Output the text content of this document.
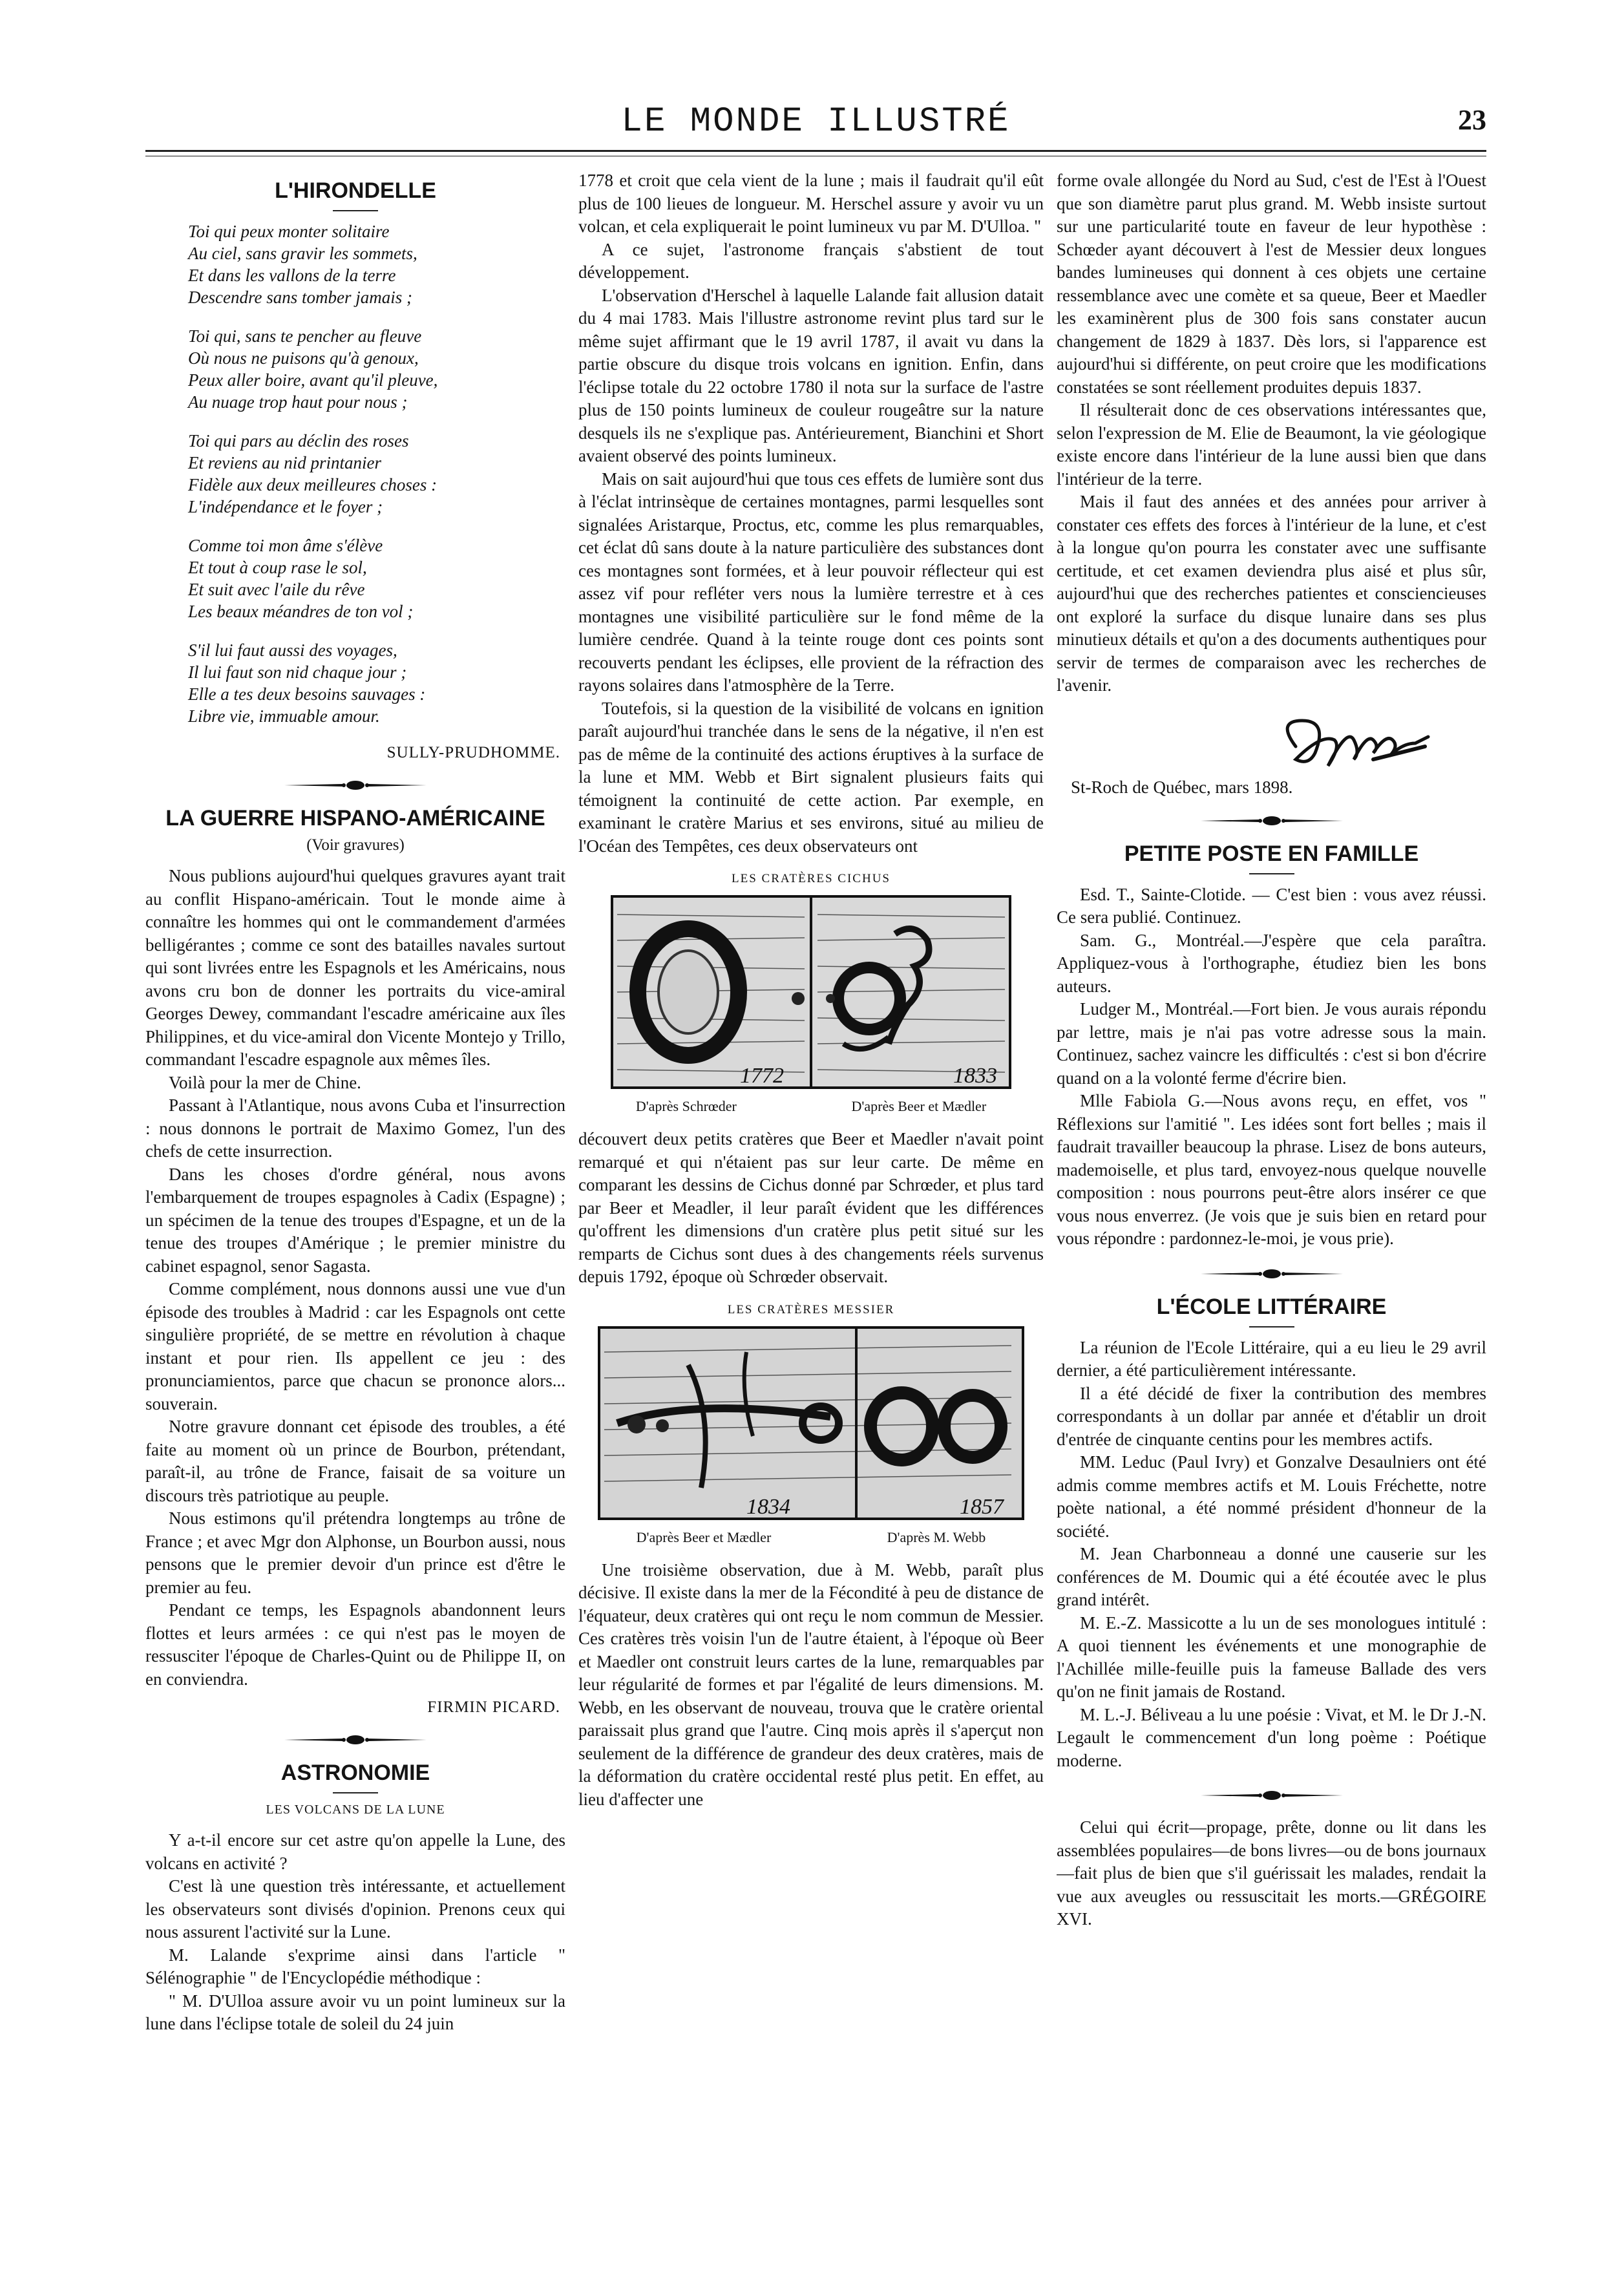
LE MONDE ILLUSTRÉ	23
L'HIRONDELLE
Toi qui peux monter solitaire
Au ciel, sans gravir les sommets,
Et dans les vallons de la terre
Descendre sans tomber jamais ;
Toi qui, sans te pencher au fleuve
Où nous ne puisons qu'à genoux,
Peux aller boire, avant qu'il pleuve,
Au nuage trop haut pour nous ;
Toi qui pars au déclin des roses
Et reviens au nid printanier
Fidèle aux deux meilleures choses :
L'indépendance et le foyer ;
Comme toi mon âme s'élève
Et tout à coup rase le sol,
Et suit avec l'aile du rêve
Les beaux méandres de ton vol ;
S'il lui faut aussi des voyages,
Il lui faut son nid chaque jour ;
Elle a tes deux besoins sauvages :
Libre vie, immuable amour.
SULLY-PRUDHOMME.
LA GUERRE HISPANO-AMÉRICAINE
(Voir gravures)

Nous publions aujourd'hui quelques gravures ayant trait au conflit Hispano-américain. Tout le monde aime à connaître les hommes qui ont le commandement d'armées belligérantes ; comme ce sont des batailles navales surtout qui sont livrées entre les Espagnols et les Américains, nous avons cru bon de donner les portraits du vice-amiral Georges Dewey, commandant l'escadre américaine aux îles Philippines, et du vice-amiral don Vicente Montejo y Trillo, commandant l'escadre espagnole aux mêmes îles.

Voilà pour la mer de Chine.

Passant à l'Atlantique, nous avons Cuba et l'insurrection : nous donnons le portrait de Maximo Gomez, l'un des chefs de cette insurrection.

Dans les choses d'ordre général, nous avons l'embarquement de troupes espagnoles à Cadix (Espagne) ; un spécimen de la tenue des troupes d'Espagne, et un de la tenue des troupes d'Amérique ; le premier ministre du cabinet espagnol, senor Sagasta.

Comme complément, nous donnons aussi une vue d'un épisode des troubles à Madrid : car les Espagnols ont cette singulière propriété, de se mettre en révolution à chaque instant et pour rien. Ils appellent ce jeu : des pronunciamientos, parce que chacun se prononce alors... souverain.

Notre gravure donnant cet épisode des troubles, a été faite au moment où un prince de Bourbon, prétendant, paraît-il, au trône de France, faisait de sa voiture un discours très patriotique au peuple.

Nous estimons qu'il prétendra longtemps au trône de France ; et avec Mgr don Alphonse, un Bourbon aussi, nous pensons que le premier devoir d'un prince est d'être le premier au feu.

Pendant ce temps, les Espagnols abandonnent leurs flottes et leurs armées : ce qui n'est pas le moyen de ressusciter l'époque de Charles-Quint ou de Philippe II, on en conviendra.

FIRMIN PICARD.
ASTRONOMIE
LES VOLCANS DE LA LUNE

Y a-t-il encore sur cet astre qu'on appelle la Lune, des volcans en activité ?

C'est là une question très intéressante, et actuellement les observateurs sont divisés d'opinion. Prenons ceux qui nous assurent l'activité sur la Lune.

M. Lalande s'exprime ainsi dans l'article " Sélénographie " de l'Encyclopédie méthodique :

" M. D'Ulloa assure avoir vu un point lumineux sur la lune dans l'éclipse totale de soleil du 24 juin

1778 et croit que cela vient de la lune ; mais il faudrait qu'il eût plus de 100 lieues de longueur. M. Herschel assure y avoir vu un volcan, et cela expliquerait le point lumineux vu par M. D'Ulloa. "

A ce sujet, l'astronome français s'abstient de tout développement.

L'observation d'Herschel à laquelle Lalande fait allusion datait du 4 mai 1783. Mais l'illustre astronome revint plus tard sur le même sujet affirmant que le 19 avril 1787, il avait vu dans la partie obscure du disque trois volcans en ignition. Enfin, dans l'éclipse totale du 22 octobre 1780 il nota sur la surface de l'astre plus de 150 points lumineux de couleur rougeâtre sur la nature desquels ils ne s'explique pas. Antérieurement, Bianchini et Short avaient observé des points lumineux.

Mais on sait aujourd'hui que tous ces effets de lumière sont dus à l'éclat intrinsèque de certaines montagnes, parmi lesquelles sont signalées Aristarque, Proctus, etc, comme les plus remarquables, cet éclat dû sans doute à la nature particulière des substances dont ces montagnes sont formées, et à leur pouvoir réflecteur qui est assez vif pour refléter vers nous la lumière terrestre et à ces montagnes une visibilité particulière sur le fond même de la lumière cendrée. Quand à la teinte rouge dont ces points sont recouverts pendant les éclipses, elle provient de la réfraction des rayons solaires dans l'atmosphère de la Terre.

Toutefois, si la question de la visibilité de volcans en ignition paraît aujourd'hui tranchée dans le sens de la négative, il n'en est pas de même de la continuité des actions éruptives à la surface de la lune et MM. Webb et Birt signalent plusieurs faits qui témoignent la continuité de cette action. Par exemple, en examinant le cratère Marius et ses environs, situé au milieu de l'Océan des Tempêtes, ces deux observateurs ont

LES CRATÈRES CICHUS
1772	1833
D'après Schrœder	D'après Beer et Mædler

découvert deux petits cratères que Beer et Maedler n'avait point remarqué et qui n'étaient pas sur leur carte. De même en comparant les dessins de Cichus donné par Schrœder, et plus tard par Beer et Meadler, il leur paraît évident que les différences qu'offrent les dimensions d'un cratère plus petit situé sur les remparts de Cichus sont dues à des changements réels survenus depuis 1792, époque où Schrœder observait.

LES CRATÈRES MESSIER
1834	1857
D'après Beer et Mædler	D'après M. Webb

Une troisième observation, due à M. Webb, paraît plus décisive. Il existe dans la mer de la Fécondité à peu de distance de l'équateur, deux cratères qui ont reçu le nom commun de Messier. Ces cratères très voisin l'un de l'autre étaient, à l'époque où Beer et Maedler ont construit leurs cartes de la lune, remarquables par leur régularité de formes et par l'égalité de leurs dimensions. M. Webb, en les observant de nouveau, trouva que le cratère oriental paraissait plus grand que l'autre. Cinq mois après il s'aperçut non seulement de la différence de grandeur des deux cratères, mais de la déformation du cratère occidental resté plus petit. En effet, au lieu d'affecter une

forme ovale allongée du Nord au Sud, c'est de l'Est à l'Ouest que son diamètre parut plus grand. M. Webb insiste surtout sur une particularité toute en faveur de leur hypothèse : Schœder ayant découvert à l'est de Messier deux longues bandes lumineuses qui donnent à ces objets une certaine ressemblance avec une comète et sa queue, Beer et Maedler les examinèrent plus de 300 fois sans constater aucun changement de 1829 à 1837. Dès lors, si l'apparence est aujourd'hui si différente, on peut croire que les modifications constatées se sont réellement produites depuis 1837.

Il résulterait donc de ces observations intéressantes que, selon l'expression de M. Elie de Beaumont, la vie géologique existe encore dans l'intérieur de la lune aussi bien que dans l'intérieur de la terre.

Mais il faut des années et des années pour arriver à constater ces effets des forces à l'intérieur de la lune, et c'est à la longue qu'on pourra les constater avec une suffisante certitude, et cet examen deviendra plus aisé et plus sûr, aujourd'hui que des recherches patientes et consciencieuses ont exploré la surface du disque lunaire dans ses plus minutieux détails et qu'on a des documents authentiques pour servir de termes de comparaison avec les recherches de l'avenir.

St-Roch de Québec, mars 1898.
PETITE POSTE EN FAMILLE

Esd. T., Sainte-Clotide. — C'est bien : vous avez réussi. Ce sera publié. Continuez.

Sam. G., Montréal.—J'espère que cela paraîtra. Appliquez-vous à l'orthographe, étudiez bien les bons auteurs.

Ludger M., Montréal.—Fort bien. Je vous aurais répondu par lettre, mais je n'ai pas votre adresse sous la main. Continuez, sachez vaincre les difficultés : c'est si bon d'écrire quand on a la volonté ferme d'écrire bien.

Mlle Fabiola G.—Nous avons reçu, en effet, vos " Réflexions sur l'amitié ". Les idées sont fort belles ; mais il faudrait travailler beaucoup la phrase. Lisez de bons auteurs, mademoiselle, et plus tard, envoyez-nous quelque nouvelle composition : nous pourrons peut-être alors insérer ce que vous nous enverrez. (Je vois que je suis bien en retard pour vous répondre : pardonnez-le-moi, je vous prie).

L'ÉCOLE LITTÉRAIRE

La réunion de l'Ecole Littéraire, qui a eu lieu le 29 avril dernier, a été particulièrement intéressante.

Il a été décidé de fixer la contribution des membres correspondants à un dollar par année et d'établir un droit d'entrée de cinquante centins pour les membres actifs.

MM. Leduc (Paul Ivry) et Gonzalve Desaulniers ont été admis comme membres actifs et M. Louis Fréchette, notre poète national, a été nommé président d'honneur de la société.

M. Jean Charbonneau a donné une causerie sur les conférences de M. Doumic qui a été écoutée avec le plus grand intérêt.

M. E.-Z. Massicotte a lu un de ses monologues intitulé : A quoi tiennent les événements et une monographie de l'Achillée mille-feuille puis la fameuse Ballade des vers qu'on ne finit jamais de Rostand.

M. L.-J. Béliveau a lu une poésie : Vivat, et M. le Dr J.-N. Legault le commencement d'un long poème : Poétique moderne.

Celui qui écrit—propage, prête, donne ou lit dans les assemblées populaires—de bons livres—ou de bons journaux—fait plus de bien que s'il guérissait les malades, rendait la vue aux aveugles ou ressuscitait les morts.—GRÉGOIRE XVI.
